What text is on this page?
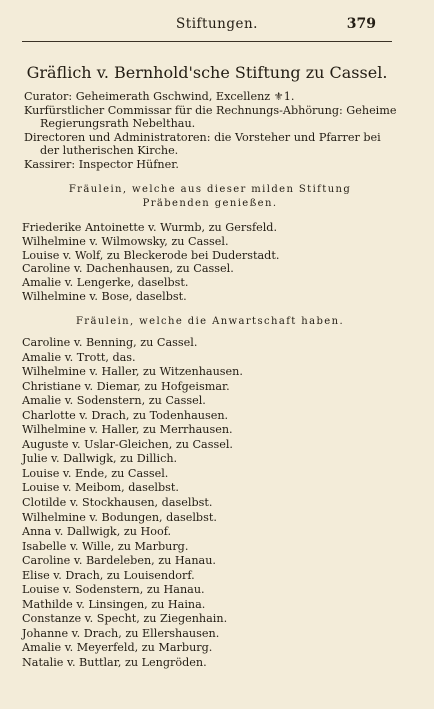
Stiftungen.	379
Gräflich v. Bernhold'sche Stiftung zu Cassel.
Curator: Geheimerath Gschwind, Excellenz ⚜1.
Kurfürstlicher Commissar für die Rechnungs-Abhörung: Geheime
Regierungsrath Nebelthau.
Directoren und Administratoren: die Vorsteher und Pfarrer bei
der lutherischen Kirche.
Kassirer: Inspector Hüfner.
Fräulein, welche aus dieser milden Stiftung
Präbenden genießen.
Friederike Antoinette v. Wurmb, zu Gersfeld.
Wilhelmine v. Wilmowsky, zu Cassel.
Louise v. Wolf, zu Bleckerode bei Duderstadt.
Caroline v. Dachenhausen, zu Cassel.
Amalie v. Lengerke, daselbst.
Wilhelmine v. Bose, daselbst.
Fräulein, welche die Anwartschaft haben.
Caroline v. Benning, zu Cassel.
Amalie v. Trott, das.
Wilhelmine v. Haller, zu Witzenhausen.
Christiane v. Diemar, zu Hofgeismar.
Amalie v. Sodenstern, zu Cassel.
Charlotte v. Drach, zu Todenhausen.
Wilhelmine v. Haller, zu Merrhausen.
Auguste v. Uslar-Gleichen, zu Cassel.
Julie v. Dallwigk, zu Dillich.
Louise v. Ende, zu Cassel.
Louise v. Meibom, daselbst.
Clotilde v. Stockhausen, daselbst.
Wilhelmine v. Bodungen, daselbst.
Anna v. Dallwigk, zu Hoof.
Isabelle v. Wille, zu Marburg.
Caroline v. Bardeleben, zu Hanau.
Elise v. Drach, zu Louisendorf.
Louise v. Sodenstern, zu Hanau.
Mathilde v. Linsingen, zu Haina.
Constanze v. Specht, zu Ziegenhain.
Johanne v. Drach, zu Ellershausen.
Amalie v. Meyerfeld, zu Marburg.
Natalie v. Buttlar, zu Lengröden.
